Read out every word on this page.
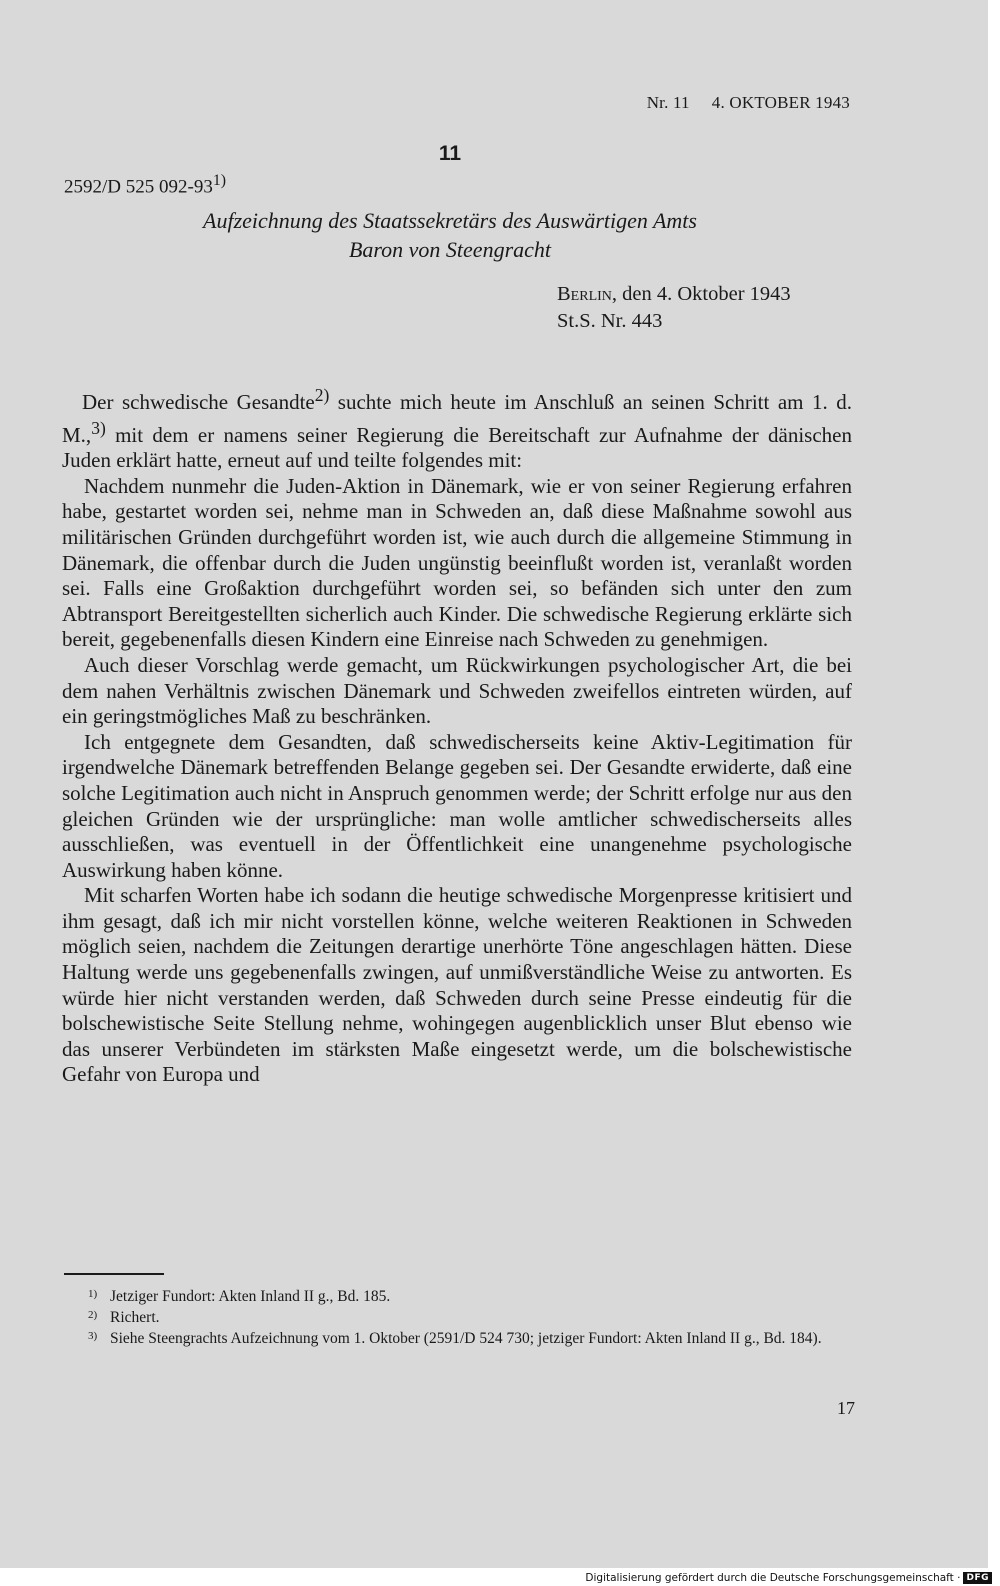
Nr. 11 4. OKTOBER 1943
11
2592/D 525 092-93$^{1)}$
Aufzeichnung des Staatssekretärs des Auswärtigen Amts
Baron von Steengracht
Berlin, den 4. Oktober 1943
St.S. Nr. 443

Der schwedische Gesandte$^{2)}$ suchte mich heute im Anschluß an seinen Schritt am 1. d. M.,$^{3)}$ mit dem er namens seiner Regierung die Bereitschaft zur Aufnahme der dänischen Juden erklärt hatte, erneut auf und teilte folgendes mit:

Nachdem nunmehr die Juden-Aktion in Dänemark, wie er von seiner Regierung erfahren habe, gestartet worden sei, nehme man in Schweden an, daß diese Maßnahme sowohl aus militärischen Gründen durchgeführt worden ist, wie auch durch die allgemeine Stimmung in Dänemark, die offenbar durch die Juden ungünstig beeinflußt worden ist, veranlaßt worden sei. Falls eine Großaktion durchgeführt worden sei, so befänden sich unter den zum Abtransport Bereitgestellten sicherlich auch Kinder. Die schwedische Regierung erklärte sich bereit, gegebenenfalls diesen Kindern eine Einreise nach Schweden zu genehmigen.

Auch dieser Vorschlag werde gemacht, um Rückwirkungen psychologischer Art, die bei dem nahen Verhältnis zwischen Dänemark und Schweden zweifellos eintreten würden, auf ein geringstmögliches Maß zu beschränken.

Ich entgegnete dem Gesandten, daß schwedischerseits keine Aktiv-Legitimation für irgendwelche Dänemark betreffenden Belange gegeben sei. Der Gesandte erwiderte, daß eine solche Legitimation auch nicht in Anspruch genommen werde; der Schritt erfolge nur aus den gleichen Gründen wie der ursprüngliche: man wolle amtlicher schwedischerseits alles ausschließen, was eventuell in der Öffentlichkeit eine unangenehme psychologische Auswirkung haben könne.

Mit scharfen Worten habe ich sodann die heutige schwedische Morgenpresse kritisiert und ihm gesagt, daß ich mir nicht vorstellen könne, welche weiteren Reaktionen in Schweden möglich seien, nachdem die Zeitungen derartige unerhörte Töne angeschlagen hätten. Diese Haltung werde uns gegebenenfalls zwingen, auf unmißverständliche Weise zu antworten. Es würde hier nicht verstanden werden, daß Schweden durch seine Presse eindeutig für die bolschewistische Seite Stellung nehme, wohingegen augenblicklich unser Blut ebenso wie das unserer Verbündeten im stärksten Maße eingesetzt werde, um die bolschewistische Gefahr von Europa und

1) Jetziger Fundort: Akten Inland II g., Bd. 185.
2) Richert.
3) Siehe Steengrachts Aufzeichnung vom 1. Oktober (2591/D 524 730; jetziger Fundort: Akten Inland II g., Bd. 184).
17
Digitalisierung gefördert durch die Deutsche Forschungsgemeinschaft · DFG
